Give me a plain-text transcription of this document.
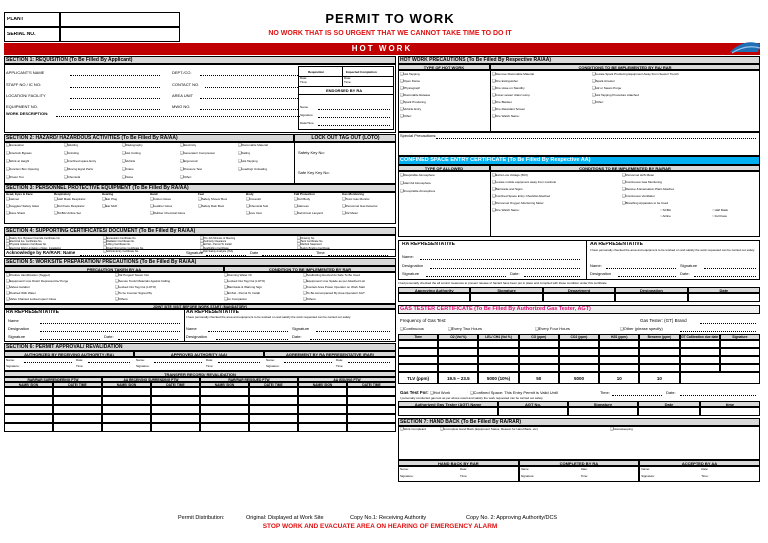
PLANT
SERIAL NO.
PERMIT TO WORK
NO WORK THAT IS SO URGENT THAT WE CANNOT TAKE TIME TO DO IT
HOT WORK
SECTION 1: REQUISITION (To Be Filled By Applicant)
APPLICANT'S NAME
STAFF NO / IC NO:
LOCATION/ FACILITY
EQUIPMENT NO.
WORK DESCRIPTION:
DEPT./CO.
CONTACT NO.
AREA UNIT
MWO NO.
Requisition	Expected Completion
Date:
Time:
Date:
Time:
ENDORSED BY RA
Name
Signature
Date/Time
SECTION 2: HAZARD/ HAZARDOUS ACTIVITIES (To Be Filled By RA/AA)	LOCK OUT TAG OUT (LOTO)
Safety Key No:
Safe Key Key No:
SECTION 3: PERSONNEL PROTECTIVE EQUIPMENT (To Be Filled By RA/AA)
SECTION 4: SUPPORTING CERTIFICATES/ DOCUMENT (To Be Filled By RA/AA)
Acknowledge by RA/RAR: Name	Signature	Date	Time
SECTION 5: WORKSITE PREPARATION/ PRECAUTIONS (To Be Filled By RA/AA)
PRECAUTION TAKEN BY AA	CONDITION TO BE IMPLEMENTED BY RAR
JOINT SITE VISIT BEFORE WORK START (MANDATORY)
RA REPRESENTATIVE	AA REPRESENTATIVE
I have personally checked the area and equipment to be worked on and satisfy the work requested can be carried out safely.
Name
Designation
Signature	Date:
Name	Signature
Designation	Date:
SECTION 6: PERMIT APPROVAL/ REVALIDATION
AUTHORIZED BY RECEIVING AUTHORITY (RA)	APPROVED AUTHORITY (AA)	AGREEMENT BY RA REPRESENTATIVE (RAR)
TRANSFER RECORD/ REVALIDATION
HOT WORK PRECAUTIONS (To Be Filled By Respective RA/AA)
TYPE OF HOT WORK	CONDITIONS TO BE IMPLEMENTED BY RA/ RAR
Special Precautions:
CONFINED SPACE ENTRY CERTIFICATE (To Be Filled By Respective AA)
TYPE OF ALLOWED	CONDITIONS TO BE IMPLEMENTED BY RA/RAR
RA REPRESENTATIVE	AA REPRESENTATIVE
I have personally checked the area and equipment to be worked on and satisfy the work requested can be carried out safely.
Name:
Designation
Signature	Date:
Name:	Signature
Designation	Date:
I had personally checked the all control measures to prevent release of hazard have been put in place and complied with these condition under this certificate
GAS TESTER CERTIFICATE (To Be Filled By Authorized Gas Tester, AGT)
Frequency of Gas Test:	Gas Tester: (GT) Brand
❑ Continuous	❑ Every Two Hours	❑ Every Four Hours	❑ Other (please specify)
Gas Test For:	❑ Hot Work	❑ Confined Space: This Entry Permit is Valid Until	Time:	Date:
I personally conducted gas test as per above result and satisfy the work requested can be carried out safely
SECTION 7: HAND BACK (To Be Filled By RA/RAR)
❑ Work Completed	❑ Incomplete Hand Back (Equipment Status, Reason for Hand Back, etc)	❑ Housekeeping
Permit Distribution:	Original: Displayed at Work Site	Copy No.1: Receiving Authority	Copy No. 2: Approving Authority/DCS
STOP WORK AND EVACUATE AREA ON HEARING OF EMERGENCY ALARM
❑ Excavation	❑ Welding	❑ Radiography	❑ Electricity	❑ Flammable Material
❑ Interlock Bypass	❑ Grinding	❑ Hot Cutting	❑ Generator/ Compressor	❑ Falling
❑ Work at Height	❑ Confined space Entry	❑ Vehicle	❑ Ergonomic	❑ Hot Tapping
❑ Junction Box Opening	❑ Moving Egnd Parts	❑ Crane	❑ Pressure Test	❑ Loading/ Unloading
❑ Power Tool	❑ Chemical	❑ Noise	❑ Other:
Head, Eyes & Face	Respiratory	Hearing	Hand	Feet	Body	Fall Protection	Gas Monitoring
❑ Helmet	❑ Half Mask Respirator	❑ Ear Plug	❑ Cotton Glove	❑ Safety Shoes/ Boot	❑ Coverall	❑ Full Body	❑ Toxic Gas Monitor
❑ Goggles/ Safety Glass	❑ Full Face Respirator	❑ Ear Muff	❑ Leather Glove	❑ Safety Rain Boot	❑ Chemical Suit	❑ Harness	❑ Personnel Gas Detector
❑ Face Shield	❑ SCBA/ Airline Set	❑ Rubber Chemical Glove	❑ Live Vest	❑ Fall Arrest Lanyard	❑ O2 Meter
❑ Safety Sys. Bypass/ Override Certificate No.	❑ Excavation Certificate No.	❑ Pre Job Minutes of Meeting	❑ Drawing No.
❑ Electrical Iso. Certificate No.	❑ Radiation Certificate No.	❑ Authority Clearance	❑ Tank Certificate No.
❑ Physical Isolation Certificate No.	❑ Lifting Certificate No.	❑ ECSH - Permit To Install	❑ Method Statement
❑ Electrical Work Limitation of Elec. Installation	❑ Road Obstruction Certificate No.	❑ Scaffolding Certificate	❑ Safety Briefing Certificate
❑ Vehicle Entry Certificate No.	❑ Job Safety Analysis (JSA)
❑ Positive Identification (Tagged)	❑ N2 Purged/ Steam Out	❑ Running Water On	❑ Scaffolding Erected As Safe To Be Used
❑ Equipment/ Line Drain/ Depressurize/ Purge	❑ Secure Tools/ Materials Against Falling	❑ Locked Out Tag Out (LOTO)	❑ Equipment/ Line Spade as per Attached List
❑ Valves Isolation	❑ Locked Out Tag Out (LOTO)	❑ Barricade & Warning Sign	❑ Contact Area Power Operator on Work Start
❑ Flushed With Water	❑ To be Counter Signed By	❑ ECSH - Permit To Install	❑ To Be Accompanied By Area Operator/ AGT
❑ Valve Chained Locked open/ Close	❑ Others:	❑ on Completion	❑ Others:
Name:	Date:
Signature:	Time:
Name:	Date:
Signature:	Time:
Name:	Date:
Signature:	Time:
RAR/RAR SURRENDERING PTW	AA RECEIVING SURRENDING PTW	RAR/RAR REISSUED PTW	AA ISSUING PTW
NAME/ SIGN	DATE/ TIME	NAME/ SIGN	DATE/ TIME	NAME/ SIGN	DATE/ TIME	NAME/ SIGN	DATE/ TIME
❑ Hot Tapping
❑ Open Flame
❑ Physiograph
❑ Flammable Release
❑ Spark Producing
❑ Vehicle Entry
❑ Other:
❑ Remove Flammable Material
❑ Fire Extinguisher
❑ Fire Hose on Standby
❑ Cover sewer/ drain/ sump
❑ Fire Blanket
❑ Fire Retardant Screen
❑ Fire Watch Name:
❑ Locate Spark Producing Equipment Away From Sewer/ Trench
❑ Spark Arrestor
❑ H2 or Steam Purge
❑ Hot Tapping Procedure Attached
❑ Other:
❑ Respirable Atmosphere
❑ Harmful Atmosphere
❑ Irrespirable Atmosphere
❑ Extra Low Voltage (50V)
❑ Locate mobile equipment away from manhole
❑ Barricade and Signs
❑ Confined Space Entry Checklist Attached
❑ Personnel Oxygen Monitoring Meter
❑ Fire Watch Name:
❑ Personnel H2S Meter
❑ Continuous Gas Monitoring
❑ Rescue & Evacuation Plant Attached
❑ Continuous Ventilation
❑ Breathing Apparatus to be Used
○ SCBA
○ Airline
○ Half Mask
○ Full Face
Approving Authority	Signature	Department	Designation	Date
Time	O2 (Vol %)	LEL/ CH4 (Vol %)	CO (ppm)	CO2 (ppm)	H2S (ppm)	Benzene (ppm)	GT Calibration due date	Signature
TLV (ppm)	19.5 ~ 23.5	5000 (10%)	50	5000	10	10
Authorized Gas Tester (AGT) Name	AGT No.	Signature	Date	time
HAND BACK BY RAR
Name:	Date:
Signature:	Time:
COMPLETED BY RA
Name:	Date:
Signature:	Time:
ACCEPTED BY AA
Name:	Date:
Signature:	Time:
